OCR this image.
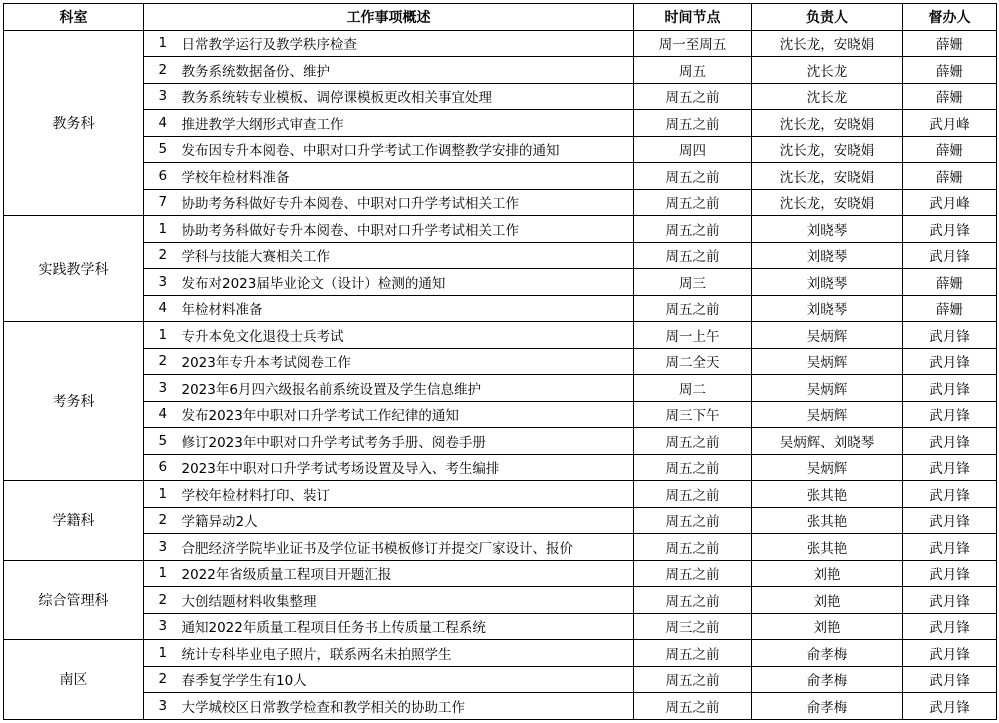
科室	工作事项概述		时间节点	负责人	督办人
教务科	1	日常教学运行及教学秩序检查	周一至周五	沈长龙，安晓娟	薛姗
	2	教务系统数据备份、维护	周五	沈长龙	薛姗
	3	教务系统转专业模板、调停课模板更改相关事宜处理	周五之前	沈长龙	薛姗
	4	推进教学大纲形式审查工作	周五之前	沈长龙，安晓娟	武月峰
	5	发布因专升本阅卷、中职对口升学考试工作调整教学安排的通知	周四	沈长龙，安晓娟	薛姗
	6	学校年检材料准备	周五之前	沈长龙，安晓娟	薛姗
	7	协助考务科做好专升本阅卷、中职对口升学考试相关工作	周五之前	沈长龙，安晓娟	武月峰
实践教学科	1	协助考务科做好专升本阅卷、中职对口升学考试相关工作	周五之前	刘晓琴	武月锋
	2	学科与技能大赛相关工作	周五之前	刘晓琴	武月锋
	3	发布对2023届毕业论文（设计）检测的通知	周三	刘晓琴	薛姗
	4	年检材料准备	周五之前	刘晓琴	薛姗
考务科	1	专升本免文化退役士兵考试	周一上午	吴炳辉	武月锋
	2	2023年专升本考试阅卷工作	周二全天	吴炳辉	武月锋
	3	2023年6月四六级报名前系统设置及学生信息维护	周二	吴炳辉	武月锋
	4	发布2023年中职对口升学考试工作纪律的通知	周三下午	吴炳辉	武月锋
	5	修订2023年中职对口升学考试考务手册、阅卷手册	周五之前	吴炳辉、刘晓琴	武月锋
	6	2023年中职对口升学考试考场设置及导入、考生编排	周五之前	吴炳辉	武月锋
学籍科	1	学校年检材料打印、装订	周五之前	张其艳	武月锋
	2	学籍异动2人	周五之前	张其艳	武月锋
	3	合肥经济学院毕业证书及学位证书模板修订并提交厂家设计、报价	周五之前	张其艳	武月锋
综合管理科	1	2022年省级质量工程项目开题汇报	周五之前	刘艳	武月锋
	2	大创结题材料收集整理	周五之前	刘艳	武月锋
	3	通知2022年质量工程项目任务书上传质量工程系统	周三之前	刘艳	武月锋
南区	1	统计专科毕业电子照片，联系两名未拍照学生	周五之前	俞孝梅	武月锋
	2	春季复学学生有10人	周五之前	俞孝梅	武月锋
	3	大学城校区日常教学检查和教学相关的协助工作	周五之前	俞孝梅	武月锋
